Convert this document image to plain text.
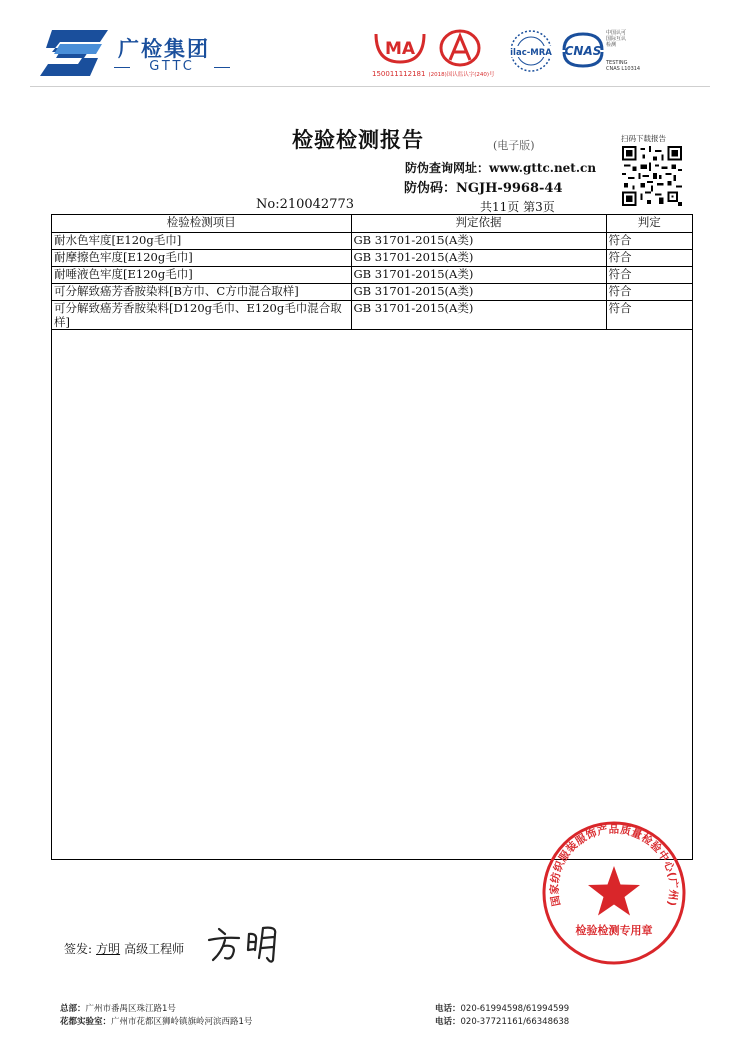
广检集团
GTTC
MA
150011112181 (2018)国认监认字(240)号
ilac-MRA CNAS
中国认可
国际互认
检测
TESTING
CNAS L10314
检验检测报告	(电子版)
防伪查询网址：www.gttc.net.cn
防伪码：NGJH-9968-44
扫码下载报告
No:210042773	共11页 第3页
检验检测项目	判定依据	判定
耐水色牢度[E120g毛巾]	GB 31701-2015(A类)	符合
耐摩擦色牢度[E120g毛巾]	GB 31701-2015(A类)	符合
耐唾液色牢度[E120g毛巾]	GB 31701-2015(A类)	符合
可分解致癌芳香胺染料[B方巾、C方巾混合取样]	GB 31701-2015(A类)	符合
可分解致癌芳香胺染料[D120g毛巾、E120g毛巾混合取样]	GB 31701-2015(A类)	符合
国家纺织服装服饰产品质量检验中心(广州)
检验检测专用章
签发: 方明 高级工程师
总部：广州市番禺区珠江路1号
花都实验室：广州市花都区狮岭镇旗岭河滨西路1号
电话：020-61994598/61994599
电话：020-37721161/66348638
